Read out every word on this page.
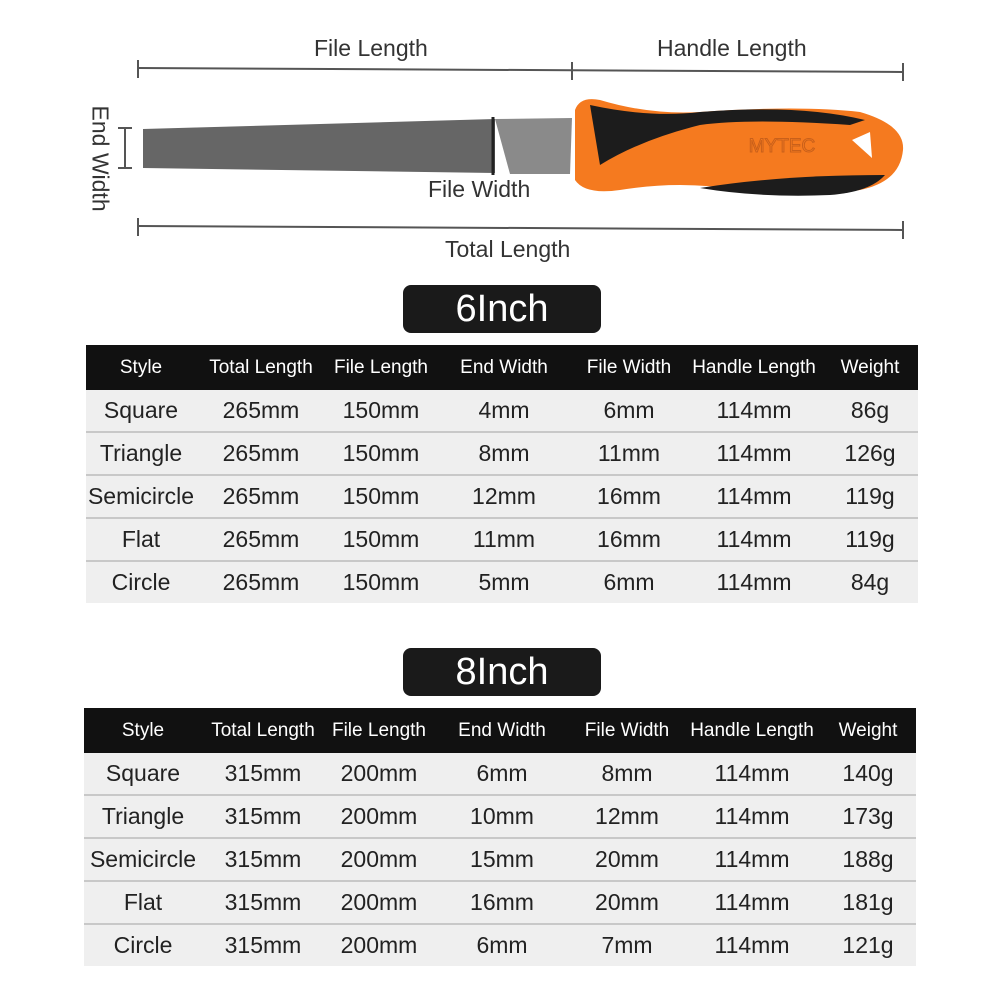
MYTEC
File Length	Handle Length
End Width	File Width
Total Length
6Inch
Style	Total Length	File Length	End Width	File Width	Handle Length	Weight
Square	265mm	150mm	4mm	6mm	114mm	86g
Triangle	265mm	150mm	8mm	11mm	114mm	126g
Semicircle	265mm	150mm	12mm	16mm	114mm	119g
Flat	265mm	150mm	11mm	16mm	114mm	119g
Circle	265mm	150mm	5mm	6mm	114mm	84g
8Inch
Style	Total Length	File Length	End Width	File Width	Handle Length	Weight
Square	315mm	200mm	6mm	8mm	114mm	140g
Triangle	315mm	200mm	10mm	12mm	114mm	173g
Semicircle	315mm	200mm	15mm	20mm	114mm	188g
Flat	315mm	200mm	16mm	20mm	114mm	181g
Circle	315mm	200mm	6mm	7mm	114mm	121g
